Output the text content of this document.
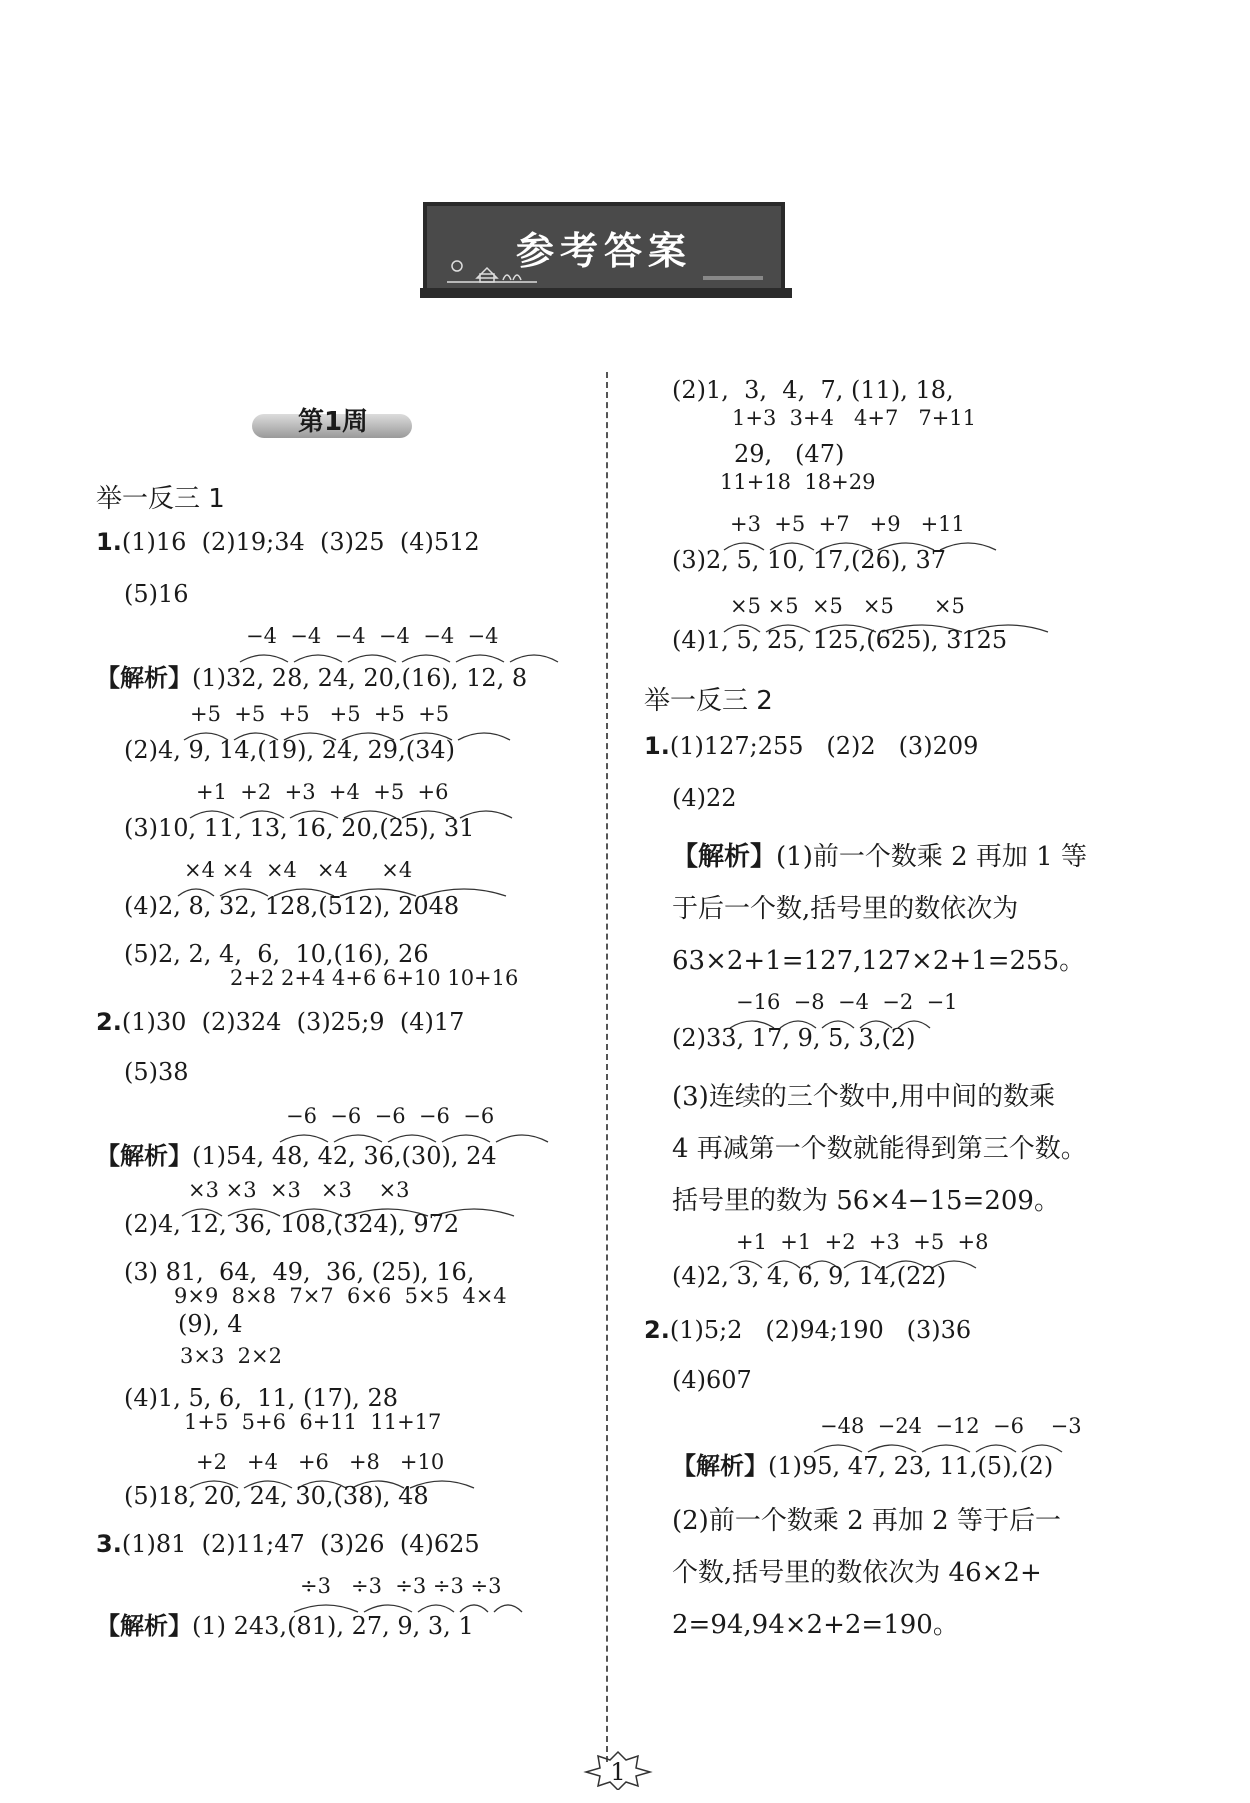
参考答案
第1周
举一反三 1
1.(1)16  (2)19;34  (3)25  (4)512
(5)16
−4  −4  −4  −4  −4  −4
【解析】(1)32, 28, 24, 20,(16), 12, 8
+5  +5  +5   +5  +5  +5
(2)4, 9, 14,(19), 24, 29,(34)
+1  +2  +3  +4  +5  +6
(3)10, 11, 13, 16, 20,(25), 31
×4 ×4  ×4   ×4     ×4
(4)2, 8, 32, 128,(512), 2048
(5)2, 2, 4,  6,  10,(16), 26
2+2 2+4 4+6 6+10 10+16
2.(1)30  (2)324  (3)25;9  (4)17
(5)38
−6  −6  −6  −6  −6
【解析】(1)54, 48, 42, 36,(30), 24
×3 ×3  ×3   ×3    ×3
(2)4, 12, 36, 108,(324), 972
(3) 81,  64,  49,  36, (25), 16,
9×9  8×8  7×7  6×6  5×5  4×4
(9), 4
3×3  2×2
(4)1, 5, 6,  11, (17), 28
1+5  5+6  6+11  11+17
+2   +4   +6   +8   +10
(5)18, 20, 24, 30,(38), 48
3.(1)81  (2)11;47  (3)26  (4)625
÷3   ÷3  ÷3 ÷3 ÷3
【解析】(1) 243,(81), 27, 9, 3, 1
(2)1,  3,  4,  7, (11), 18,
1+3  3+4   4+7   7+11
29,   (47)
11+18  18+29
+3  +5  +7   +9   +11
(3)2, 5, 10, 17,(26), 37
×5 ×5  ×5   ×5      ×5
(4)1, 5, 25, 125,(625), 3125
举一反三 2
1.(1)127;255   (2)2   (3)209
(4)22
【解析】(1)前一个数乘 2 再加 1 等
于后一个数,括号里的数依次为
63×2+1=127,127×2+1=255。
−16  −8  −4  −2  −1
(2)33, 17, 9, 5, 3,(2)
(3)连续的三个数中,用中间的数乘
4 再减第一个数就能得到第三个数。
括号里的数为 56×4−15=209。
+1  +1  +2  +3  +5  +8
(4)2, 3, 4, 6, 9, 14,(22)
2.(1)5;2   (2)94;190   (3)36
(4)607
−48  −24  −12  −6    −3
【解析】(1)95, 47, 23, 11,(5),(2)
(2)前一个数乘 2 再加 2 等于后一
个数,括号里的数依次为 46×2+
2=94,94×2+2=190。
1
